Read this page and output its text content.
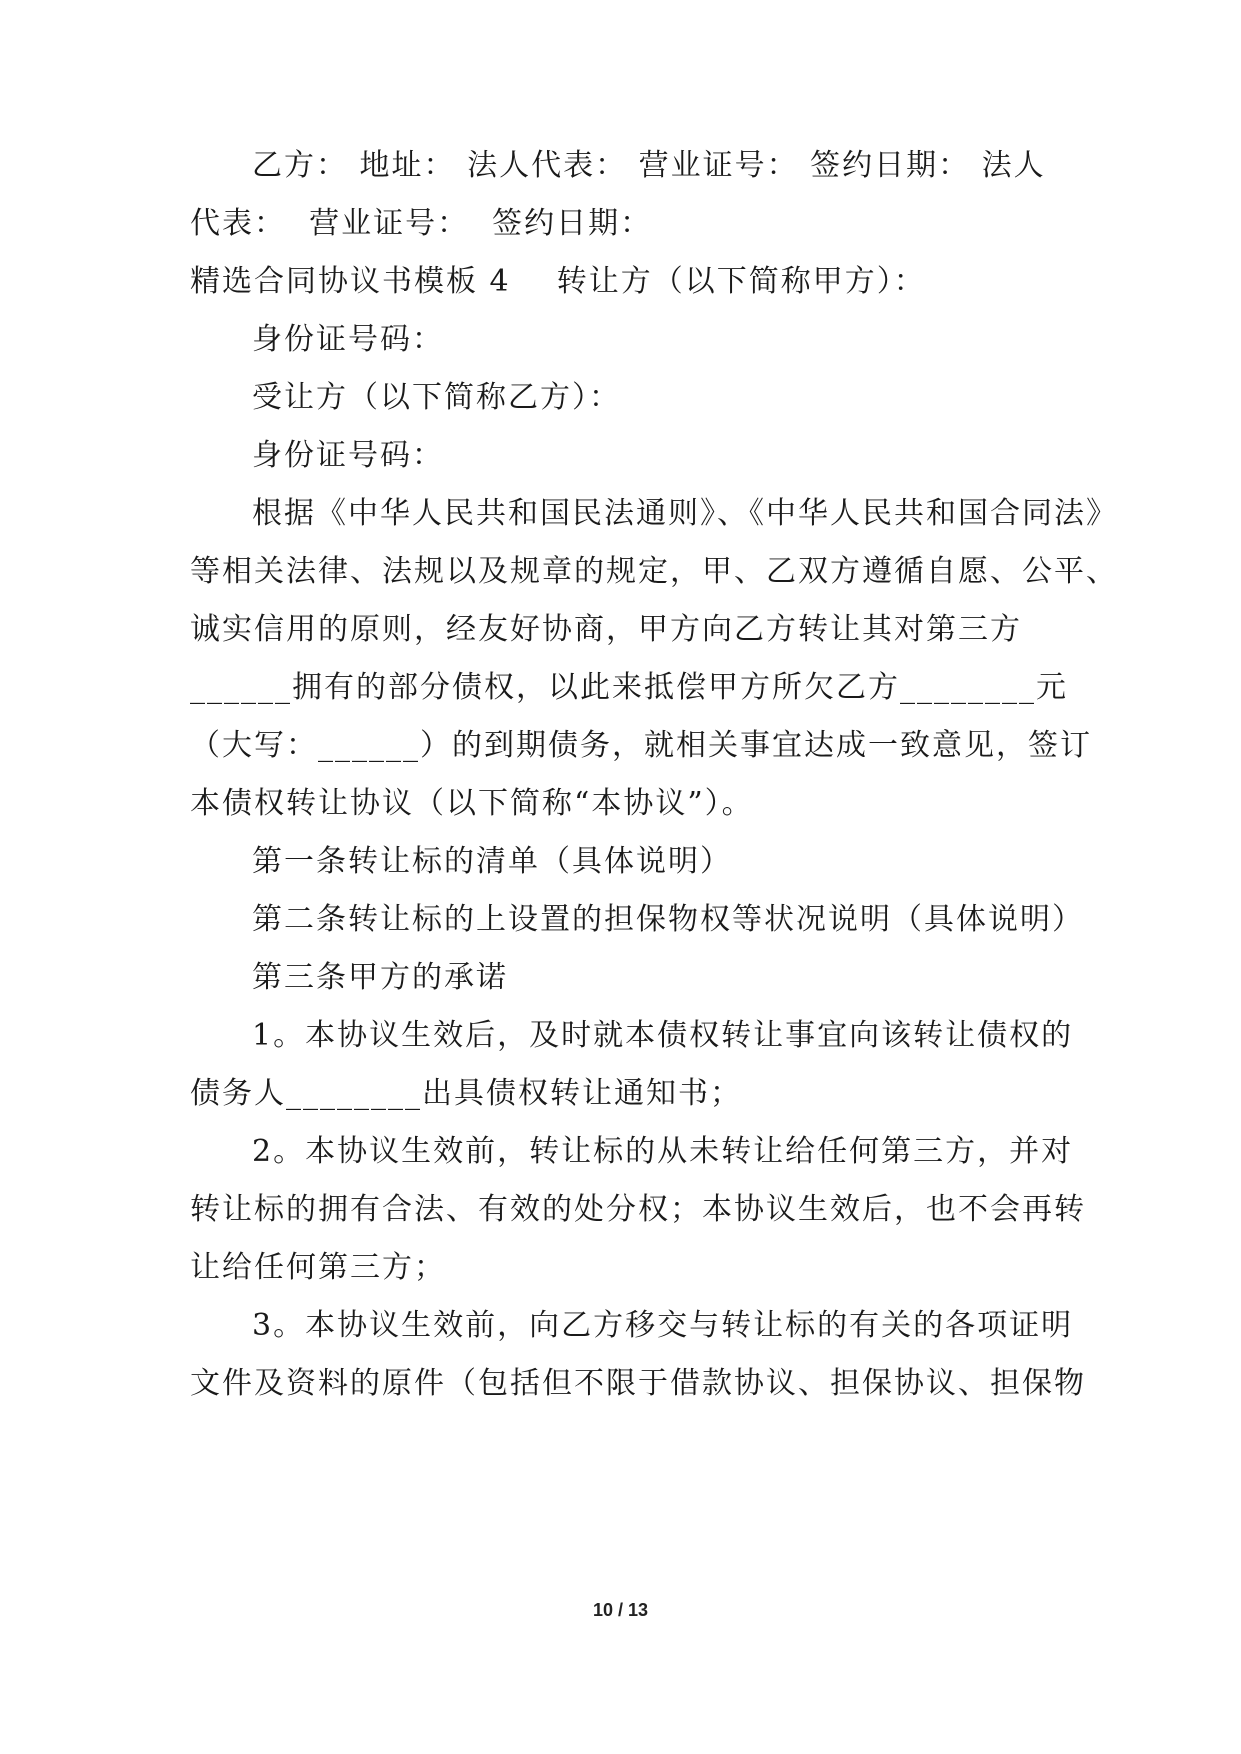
乙方： 地址： 法人代表： 营业证号： 签约日期： 法人
代表：  营业证号：  签约日期：
精选合同协议书模板 4    转让方（以下简称甲方）：
身份证号码：
受让方（以下简称乙方）：
身份证号码：
根据《中华人民共和国民法通则》、《中华人民共和国合同法》
等相关法律、法规以及规章的规定，甲、乙双方遵循自愿、公平、
诚实信用的原则，经友好协商，甲方向乙方转让其对第三方
______拥有的部分债权，以此来抵偿甲方所欠乙方________元
（大写：______）的到期债务，就相关事宜达成一致意见，签订
本债权转让协议（以下简称“本协议”）。
第一条转让标的清单（具体说明）
第二条转让标的上设置的担保物权等状况说明（具体说明）
第三条甲方的承诺
1。本协议生效后，及时就本债权转让事宜向该转让债权的
债务人________出具债权转让通知书；
2。本协议生效前，转让标的从未转让给任何第三方，并对
转让标的拥有合法、有效的处分权；本协议生效后，也不会再转
让给任何第三方；
3。本协议生效前，向乙方移交与转让标的有关的各项证明
文件及资料的原件（包括但不限于借款协议、担保协议、担保物
10 / 13
